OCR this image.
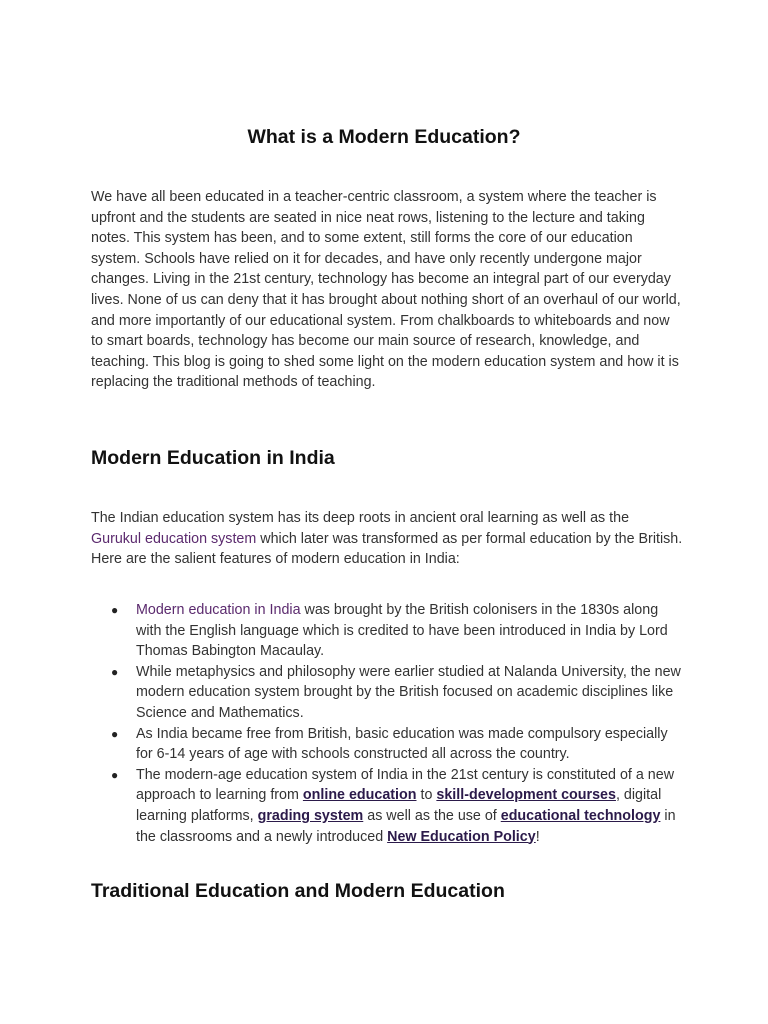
What is a Modern Education?

We have all been educated in a teacher-centric classroom, a system where the teacher is upfront and the students are seated in nice neat rows, listening to the lecture and taking notes. This system has been, and to some extent, still forms the core of our education system. Schools have relied on it for decades, and have only recently undergone major changes. Living in the 21st century, technology has become an integral part of our everyday lives. None of us can deny that it has brought about nothing short of an overhaul of our world, and more importantly of our educational system. From chalkboards to whiteboards and now to smart boards, technology has become our main source of research, knowledge, and teaching. This blog is going to shed some light on the modern education system and how it is replacing the traditional methods of teaching.

Modern Education in India

The Indian education system has its deep roots in ancient oral learning as well as the Gurukul education system which later was transformed as per formal education by the British. Here are the salient features of modern education in India:

● Modern education in India was brought by the British colonisers in the 1830s along with the English language which is credited to have been introduced in India by Lord Thomas Babington Macaulay.
● While metaphysics and philosophy were earlier studied at Nalanda University, the new modern education system brought by the British focused on academic disciplines like Science and Mathematics.
● As India became free from British, basic education was made compulsory especially for 6-14 years of age with schools constructed all across the country.
● The modern-age education system of India in the 21st century is constituted of a new approach to learning from online education to skill-development courses, digital learning platforms, grading system as well as the use of educational technology in the classrooms and a newly introduced New Education Policy!
Traditional Education and Modern Education
